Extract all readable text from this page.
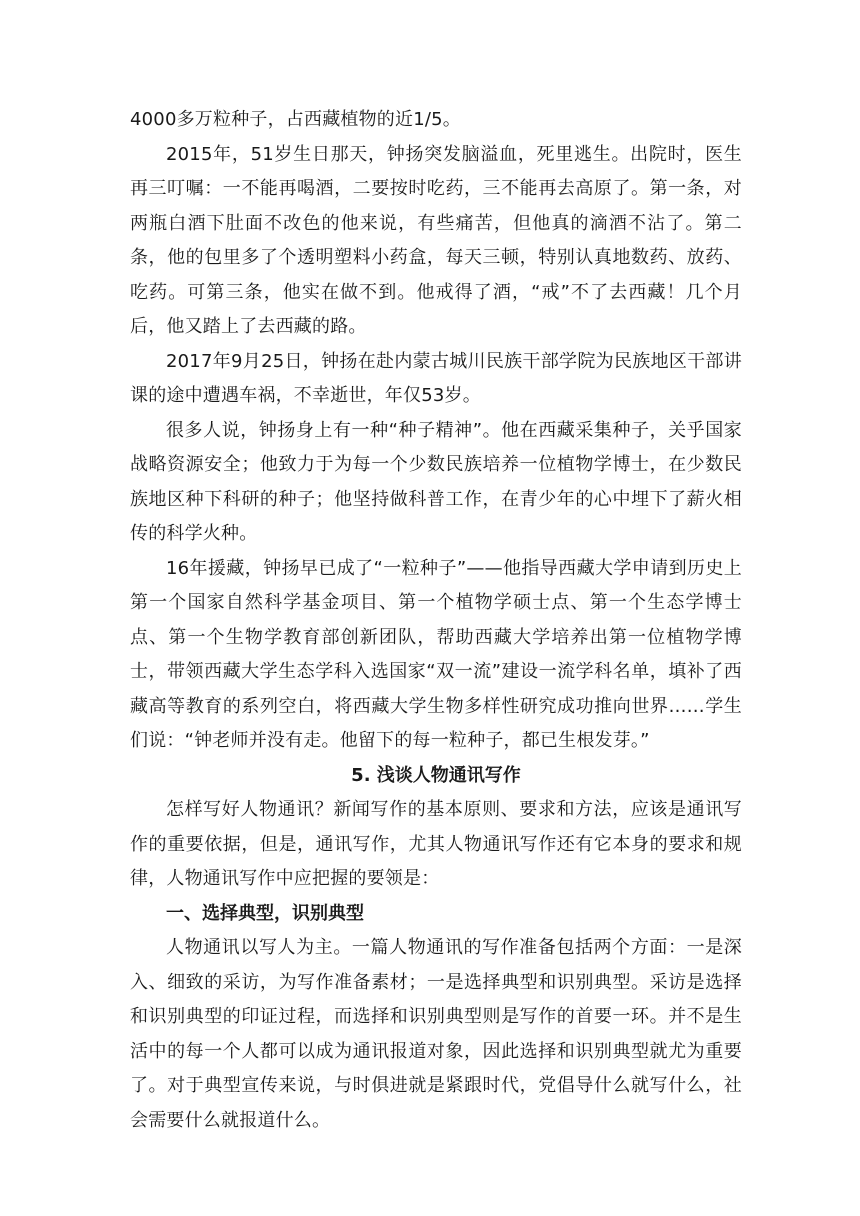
4000多万粒种子，占西藏植物的近1/5。

2015年，51岁生日那天，钟扬突发脑溢血，死里逃生。出院时，医生再三叮嘱：一不能再喝酒，二要按时吃药，三不能再去高原了。第一条，对两瓶白酒下肚面不改色的他来说，有些痛苦，但他真的滴酒不沾了。第二条，他的包里多了个透明塑料小药盒，每天三顿，特别认真地数药、放药、吃药。可第三条，他实在做不到。他戒得了酒，“戒”不了去西藏！几个月后，他又踏上了去西藏的路。

2017年9月25日，钟扬在赴内蒙古城川民族干部学院为民族地区干部讲课的途中遭遇车祸，不幸逝世，年仅53岁。

很多人说，钟扬身上有一种“种子精神”。他在西藏采集种子，关乎国家战略资源安全；他致力于为每一个少数民族培养一位植物学博士，在少数民族地区种下科研的种子；他坚持做科普工作，在青少年的心中埋下了薪火相传的科学火种。

16年援藏，钟扬早已成了“一粒种子”——他指导西藏大学申请到历史上第一个国家自然科学基金项目、第一个植物学硕士点、第一个生态学博士点、第一个生物学教育部创新团队，帮助西藏大学培养出第一位植物学博士，带领西藏大学生态学科入选国家“双一流”建设一流学科名单，填补了西藏高等教育的系列空白，将西藏大学生物多样性研究成功推向世界……学生们说：“钟老师并没有走。他留下的每一粒种子，都已生根发芽。”

5. 浅谈人物通讯写作

怎样写好人物通讯？新闻写作的基本原则、要求和方法，应该是通讯写作的重要依据，但是，通讯写作，尤其人物通讯写作还有它本身的要求和规律，人物通讯写作中应把握的要领是：

一、选择典型，识别典型

人物通讯以写人为主。一篇人物通讯的写作准备包括两个方面：一是深入、细致的采访，为写作准备素材；一是选择典型和识别典型。采访是选择和识别典型的印证过程，而选择和识别典型则是写作的首要一环。并不是生活中的每一个人都可以成为通讯报道对象，因此选择和识别典型就尤为重要了。对于典型宣传来说，与时俱进就是紧跟时代，党倡导什么就写什么，社会需要什么就报道什么。
